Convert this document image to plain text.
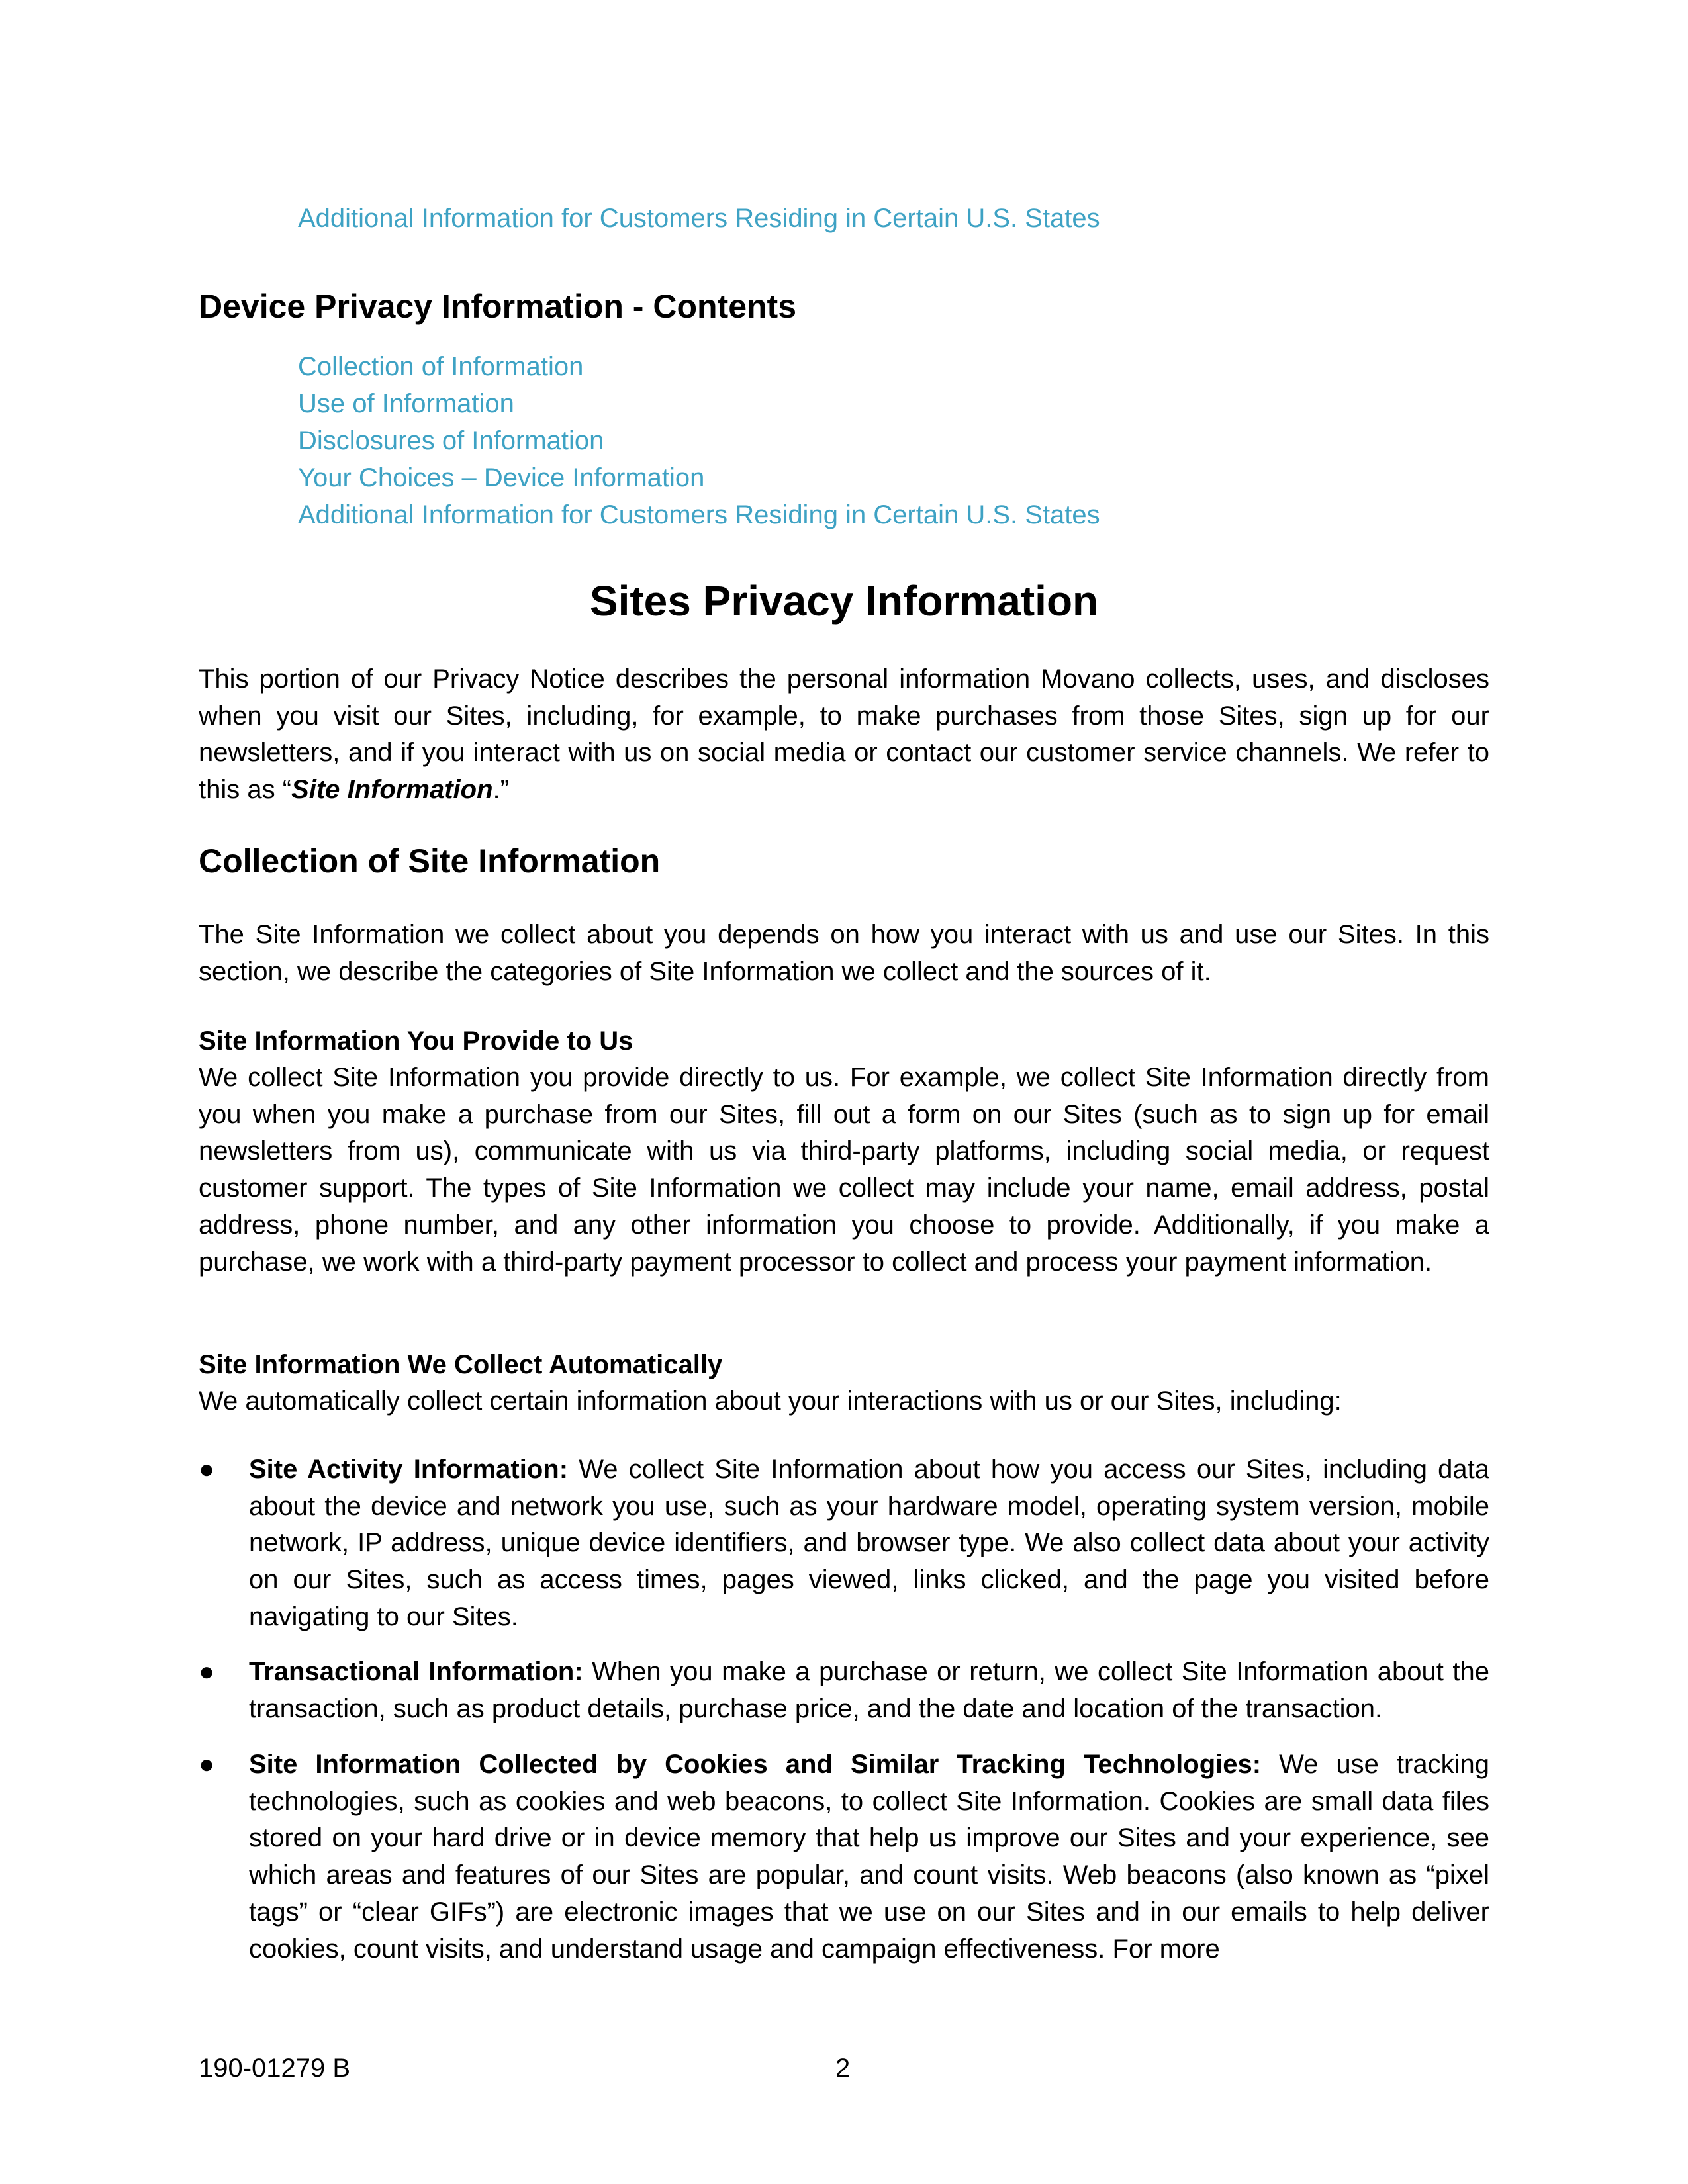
Additional Information for Customers Residing in Certain U.S. States
Device Privacy Information - Contents
Collection of Information
Use of Information
Disclosures of Information
Your Choices – Device Information
Additional Information for Customers Residing in Certain U.S. States
Sites Privacy Information
This portion of our Privacy Notice describes the personal information Movano collects, uses, and discloses when you visit our Sites, including, for example, to make purchases from those Sites, sign up for our newsletters, and if you interact with us on social media or contact our customer service channels. We refer to this as “Site Information.”
Collection of Site Information
The Site Information we collect about you depends on how you interact with us and use our Sites. In this section, we describe the categories of Site Information we collect and the sources of it.
Site Information You Provide to Us
We collect Site Information you provide directly to us. For example, we collect Site Information directly from you when you make a purchase from our Sites, fill out a form on our Sites (such as to sign up for email newsletters from us), communicate with us via third-party platforms, including social media, or request customer support. The types of Site Information we collect may include your name, email address, postal address, phone number, and any other information you choose to provide. Additionally, if you make a purchase, we work with a third-party payment processor to collect and process your payment information.
Site Information We Collect Automatically
We automatically collect certain information about your interactions with us or our Sites, including:
● Site Activity Information: We collect Site Information about how you access our Sites, including data about the device and network you use, such as your hardware model, operating system version, mobile network, IP address, unique device identifiers, and browser type. We also collect data about your activity on our Sites, such as access times, pages viewed, links clicked, and the page you visited before navigating to our Sites.
● Transactional Information: When you make a purchase or return, we collect Site Information about the transaction, such as product details, purchase price, and the date and location of the transaction.
● Site Information Collected by Cookies and Similar Tracking Technologies: We use tracking technologies, such as cookies and web beacons, to collect Site Information. Cookies are small data files stored on your hard drive or in device memory that help us improve our Sites and your experience, see which areas and features of our Sites are popular, and count visits. Web beacons (also known as “pixel tags” or “clear GIFs”) are electronic images that we use on our Sites and in our emails to help deliver cookies, count visits, and understand usage and campaign effectiveness. For more
190-01279 B	2
